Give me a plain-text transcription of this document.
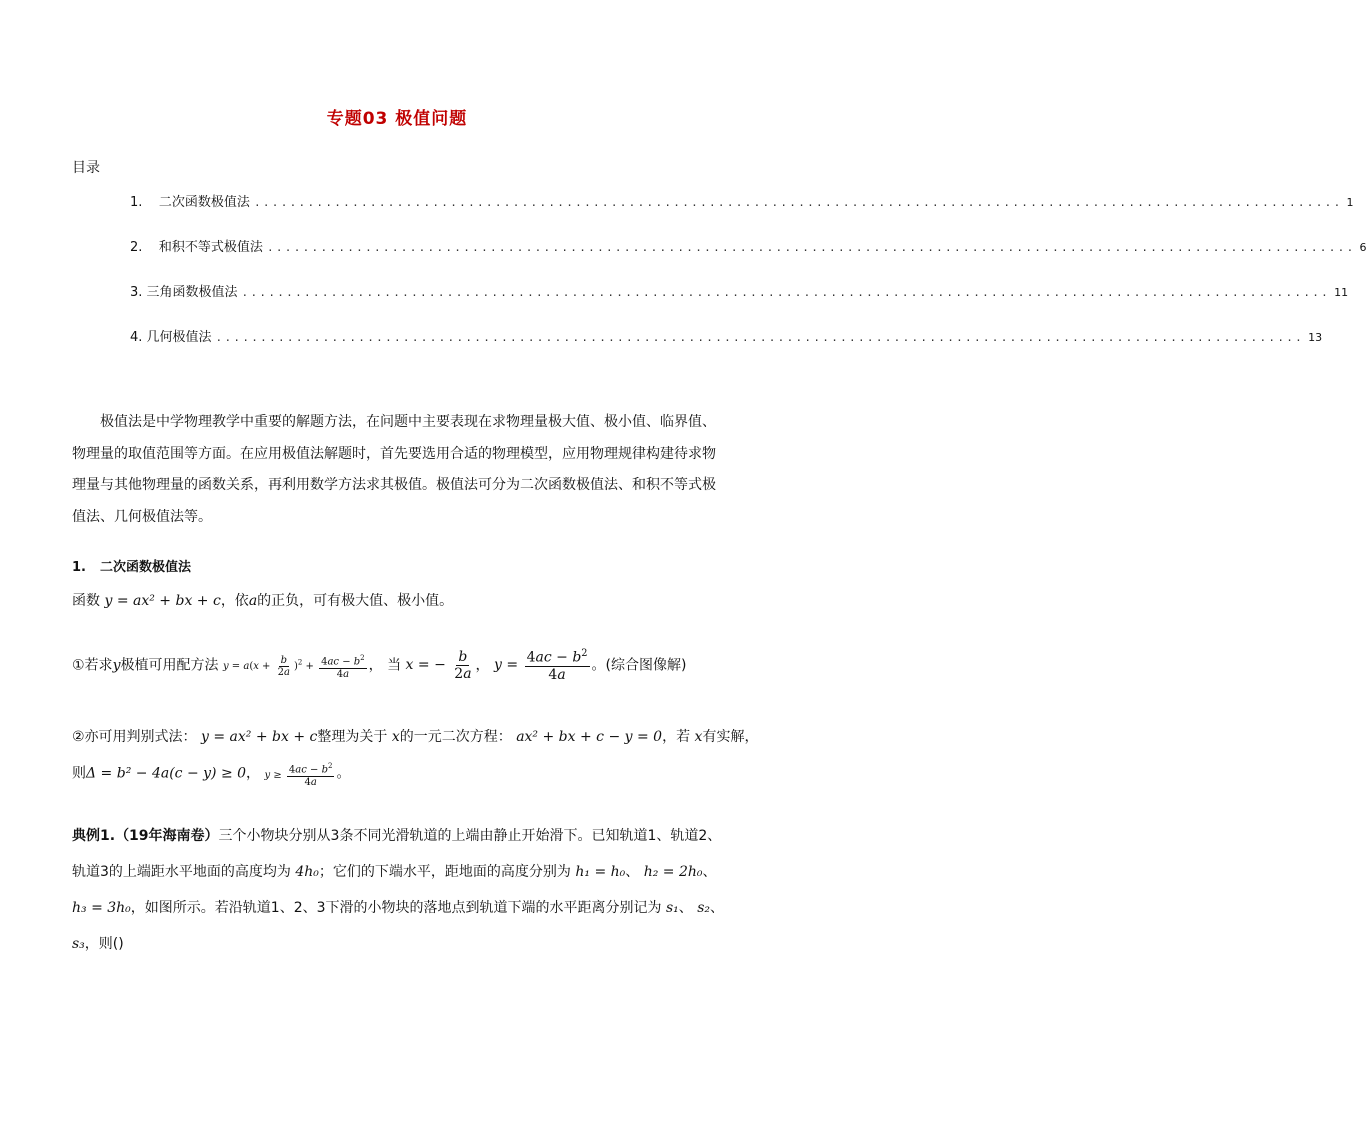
专题03 极值问题
目录
1.    二次函数极值法 .......................................................................................................................... 1
2.    和积不等式极值法 .......................................................................................................................... 6
3. 三角函数极值法 .......................................................................................................................... 11
4. 几何极值法 .......................................................................................................................... 13
极值法是中学物理教学中重要的解题方法，在问题中主要表现在求物理量极大值、极小值、临界值、物理量的取值范围等方面。在应用极值法解题时，首先要选用合适的物理模型，应用物理规律构建待求物理量与其他物理量的函数关系，再利用数学方法求其极值。极值法可分为二次函数极值法、和积不等式极值法、几何极值法等。
1. 二次函数极值法
函数 y = ax² + bx + c，依a的正负，可有极大值、极小值。
①若求y极植可用配方法 $y = a(x + \frac{b}{2a} )^2 + \frac{4ac - b^2}{4a}$ ， 当 x = − $\frac{b}{2a}$ ， $y = \frac{4ac - b^2}{4a}$ 。(综合图像解)
②亦可用判别式法： y = ax² + bx + c整理为关于 x的一元二次方程： ax² + bx + c − y = 0，若 x有实解，
则Δ = b² − 4a(c − y) ≥ 0， $y \ge \frac{4ac - b^2}{4a}$ 。
典例1.（19年海南卷）三个小物块分别从3条不同光滑轨道的上端由静止开始滑下。已知轨道1、轨道2、轨道3的上端距水平地面的高度均为 4h₀；它们的下端水平，距地面的高度分别为 h₁ = h₀、 h₂ = 2h₀、 h₃ = 3h₀，如图所示。若沿轨道1、2、3下滑的小物块的落地点到轨道下端的水平距离分别记为 s₁、 s₂、 s₃，则()
